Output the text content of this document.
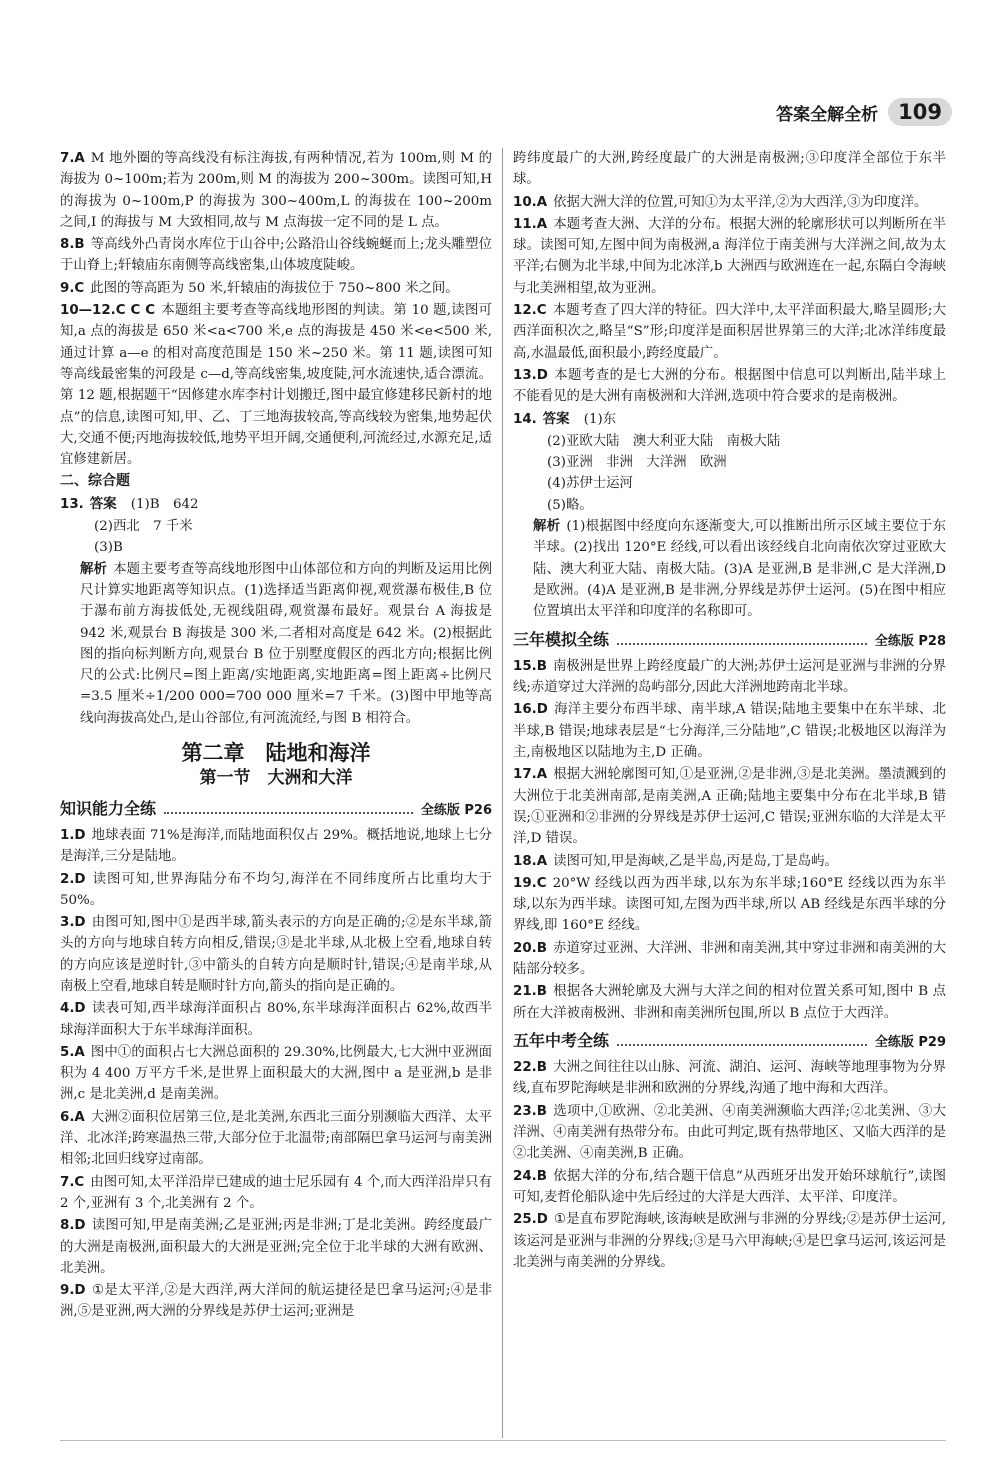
答案全解全析 109
7.A M 地外圈的等高线没有标注海拔,有两种情况,若为 100m,则 M 的海拔为 0~100m;若为 200m,则 M 的海拔为 200~300m。读图可知,H 的海拔为 0~100m,P 的海拔为 300~400m,L 的海拔在 100~200m 之间,I 的海拔与 M 大致相同,故与 M 点海拔一定不同的是 L 点。
8.B 等高线外凸青岗水库位于山谷中;公路沿山谷线蜿蜒而上;龙头雕塑位于山脊上;轩辕庙东南侧等高线密集,山体坡度陡峻。
9.C 此图的等高距为 50 米,轩辕庙的海拔位于 750~800 米之间。
10—12.C C C 本题组主要考查等高线地形图的判读。第 10 题,读图可知,a 点的海拔是 650 米<a<700 米,e 点的海拔是 450 米<e<500 米,通过计算 a—e 的相对高度范围是 150 米~250 米。第 11 题,读图可知等高线最密集的河段是 c—d,等高线密集,坡度陡,河水流速快,适合漂流。第 12 题,根据题干“因修建水库李村计划搬迁,图中最宜修建移民新村的地点”的信息,读图可知,甲、乙、丁三地海拔较高,等高线较为密集,地势起伏大,交通不便;丙地海拔较低,地势平坦开阔,交通便利,河流经过,水源充足,适宜修建新居。
二、综合题
13. 答案 (1)B　642
(2)西北　7 千米
(3)B
解析 本题主要考查等高线地形图中山体部位和方向的判断及运用比例尺计算实地距离等知识点。(1)选择适当距离仰视,观赏瀑布极佳,B 位于瀑布前方海拔低处,无视线阻碍,观赏瀑布最好。观景台 A 海拔是 942 米,观景台 B 海拔是 300 米,二者相对高度是 642 米。(2)根据此图的指向标判断方向,观景台 B 位于别墅度假区的西北方向;根据比例尺的公式:比例尺=图上距离/实地距离,实地距离=图上距离÷比例尺=3.5 厘米÷1/200 000=700 000 厘米=7 千米。(3)图中甲地等高线向海拔高处凸,是山谷部位,有河流流经,与图 B 相符合。
第二章　陆地和海洋
第一节　大洲和大洋
知识能力全练	全练版 P26
1.D 地球表面 71%是海洋,而陆地面积仅占 29%。概括地说,地球上七分是海洋,三分是陆地。
2.D 读图可知,世界海陆分布不均匀,海洋在不同纬度所占比重均大于 50%。
3.D 由图可知,图中①是西半球,箭头表示的方向是正确的;②是东半球,箭头的方向与地球自转方向相反,错误;③是北半球,从北极上空看,地球自转的方向应该是逆时针,③中箭头的自转方向是顺时针,错误;④是南半球,从南极上空看,地球自转是顺时针方向,箭头的指向是正确的。
4.D 读表可知,西半球海洋面积占 80%,东半球海洋面积占 62%,故西半球海洋面积大于东半球海洋面积。
5.A 图中①的面积占七大洲总面积的 29.30%,比例最大,七大洲中亚洲面积为 4 400 万平方千米,是世界上面积最大的大洲,图中 a 是亚洲,b 是非洲,c 是北美洲,d 是南美洲。
6.A 大洲②面积位居第三位,是北美洲,东西北三面分别濒临大西洋、太平洋、北冰洋;跨寒温热三带,大部分位于北温带;南部隔巴拿马运河与南美洲相邻;北回归线穿过南部。
7.C 由图可知,太平洋沿岸已建成的迪士尼乐园有 4 个,而大西洋沿岸只有 2 个,亚洲有 3 个,北美洲有 2 个。
8.D 读图可知,甲是南美洲;乙是亚洲;丙是非洲;丁是北美洲。跨经度最广的大洲是南极洲,面积最大的大洲是亚洲;完全位于北半球的大洲有欧洲、北美洲。
9.D ①是太平洋,②是大西洋,两大洋间的航运捷径是巴拿马运河;④是非洲,⑤是亚洲,两大洲的分界线是苏伊士运河;亚洲是
跨纬度最广的大洲,跨经度最广的大洲是南极洲;③印度洋全部位于东半球。
10.A 依据大洲大洋的位置,可知①为太平洋,②为大西洋,③为印度洋。
11.A 本题考查大洲、大洋的分布。根据大洲的轮廓形状可以判断所在半球。读图可知,左图中间为南极洲,a 海洋位于南美洲与大洋洲之间,故为太平洋;右侧为北半球,中间为北冰洋,b 大洲西与欧洲连在一起,东隔白令海峡与北美洲相望,故为亚洲。
12.C 本题考查了四大洋的特征。四大洋中,太平洋面积最大,略呈圆形;大西洋面积次之,略呈“S”形;印度洋是面积居世界第三的大洋;北冰洋纬度最高,水温最低,面积最小,跨经度最广。
13.D 本题考查的是七大洲的分布。根据图中信息可以判断出,陆半球上不能看见的是大洲有南极洲和大洋洲,选项中符合要求的是南极洲。
14. 答案 (1)东
(2)亚欧大陆　澳大利亚大陆　南极大陆
(3)亚洲　非洲　大洋洲　欧洲
(4)苏伊士运河
(5)略。
解析 (1)根据图中经度向东逐渐变大,可以推断出所示区域主要位于东半球。(2)找出 120°E 经线,可以看出该经线自北向南依次穿过亚欧大陆、澳大利亚大陆、南极大陆。(3)A 是亚洲,B 是非洲,C 是大洋洲,D 是欧洲。(4)A 是亚洲,B 是非洲,分界线是苏伊士运河。(5)在图中相应位置填出太平洋和印度洋的名称即可。
三年模拟全练	全练版 P28
15.B 南极洲是世界上跨经度最广的大洲;苏伊士运河是亚洲与非洲的分界线;赤道穿过大洋洲的岛屿部分,因此大洋洲地跨南北半球。
16.D 海洋主要分布西半球、南半球,A 错误;陆地主要集中在东半球、北半球,B 错误;地球表层是“七分海洋,三分陆地”,C 错误;北极地区以海洋为主,南极地区以陆地为主,D 正确。
17.A 根据大洲轮廓图可知,①是亚洲,②是非洲,③是北美洲。墨渍溅到的大洲位于北美洲南部,是南美洲,A 正确;陆地主要集中分布在北半球,B 错误;①亚洲和②非洲的分界线是苏伊士运河,C 错误;亚洲东临的大洋是太平洋,D 错误。
18.A 读图可知,甲是海峡,乙是半岛,丙是岛,丁是岛屿。
19.C 20°W 经线以西为西半球,以东为东半球;160°E 经线以西为东半球,以东为西半球。读图可知,左图为西半球,所以 AB 经线是东西半球的分界线,即 160°E 经线。
20.B 赤道穿过亚洲、大洋洲、非洲和南美洲,其中穿过非洲和南美洲的大陆部分较多。
21.B 根据各大洲轮廓及大洲与大洋之间的相对位置关系可知,图中 B 点所在大洋被南极洲、非洲和南美洲所包围,所以 B 点位于大西洋。
五年中考全练	全练版 P29
22.B 大洲之间往往以山脉、河流、湖泊、运河、海峡等地理事物为分界线,直布罗陀海峡是非洲和欧洲的分界线,沟通了地中海和大西洋。
23.B 选项中,①欧洲、②北美洲、④南美洲濒临大西洋;②北美洲、③大洋洲、④南美洲有热带分布。由此可判定,既有热带地区、又临大西洋的是②北美洲、④南美洲,B 正确。
24.B 依据大洋的分布,结合题干信息“从西班牙出发开始环球航行”,读图可知,麦哲伦船队途中先后经过的大洋是大西洋、太平洋、印度洋。
25.D ①是直布罗陀海峡,该海峡是欧洲与非洲的分界线;②是苏伊士运河,该运河是亚洲与非洲的分界线;③是马六甲海峡;④是巴拿马运河,该运河是北美洲与南美洲的分界线。
